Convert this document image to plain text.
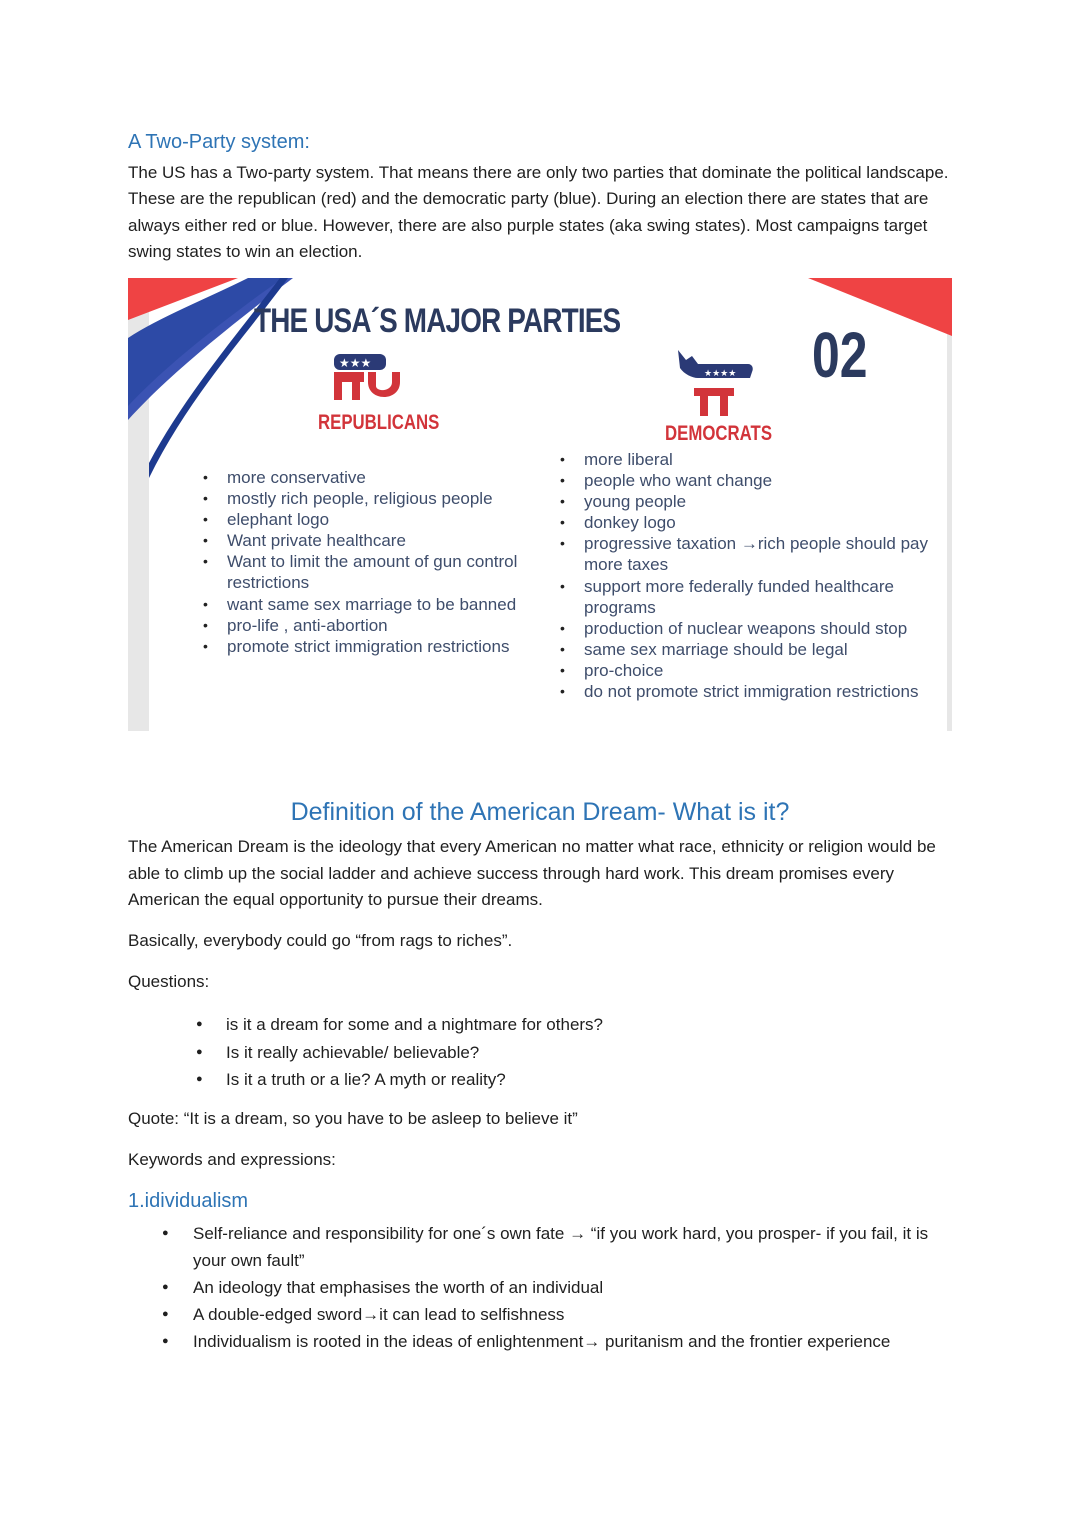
A Two-Party system:

The US has a Two-party system. That means there are only two parties that dominate the political landscape. These are the republican (red) and the democratic party (blue). During an election there are states that are always either red or blue. However, there are also purple states (aka swing states). Most campaigns target swing states to win an election.

★★★
★★★★
THE USA´S MAJOR PARTIES	02
REPUBLICANS	DEMOCRATS
• more conservative
• mostly rich people, religious people
• elephant logo
• Want private healthcare
• Want to limit the amount of gun control restrictions
• want same sex marriage to be banned
• pro-life , anti-abortion
• promote strict immigration restrictions
• more liberal
• people who want change
• young people
• donkey logo
• progressive taxation →rich people should pay more taxes
• support more federally funded healthcare programs
• production of nuclear weapons should stop
• same sex marriage should be legal
• pro-choice
• do not promote strict immigration restrictions
Definition of the American Dream- What is it?

The American Dream is the ideology that every American no matter what race, ethnicity or religion would be able to climb up the social ladder and achieve success through hard work. This dream promises every American the equal opportunity to pursue their dreams.

Basically, everybody could go “from rags to riches”.

Questions:

● is it a dream for some and a nightmare for others?
● Is it really achievable/ believable?
● Is it a truth or a lie? A myth or reality?

Quote: “It is a dream, so you have to be asleep to believe it”

Keywords and expressions:

1.idividualism
● Self-reliance and responsibility for one´s own fate → “if you work hard, you prosper- if you fail, it is your own fault”
● An ideology that emphasises the worth of an individual
● A double-edged sword→it can lead to selfishness
● Individualism is rooted in the ideas of enlightenment→ puritanism and the frontier experience
